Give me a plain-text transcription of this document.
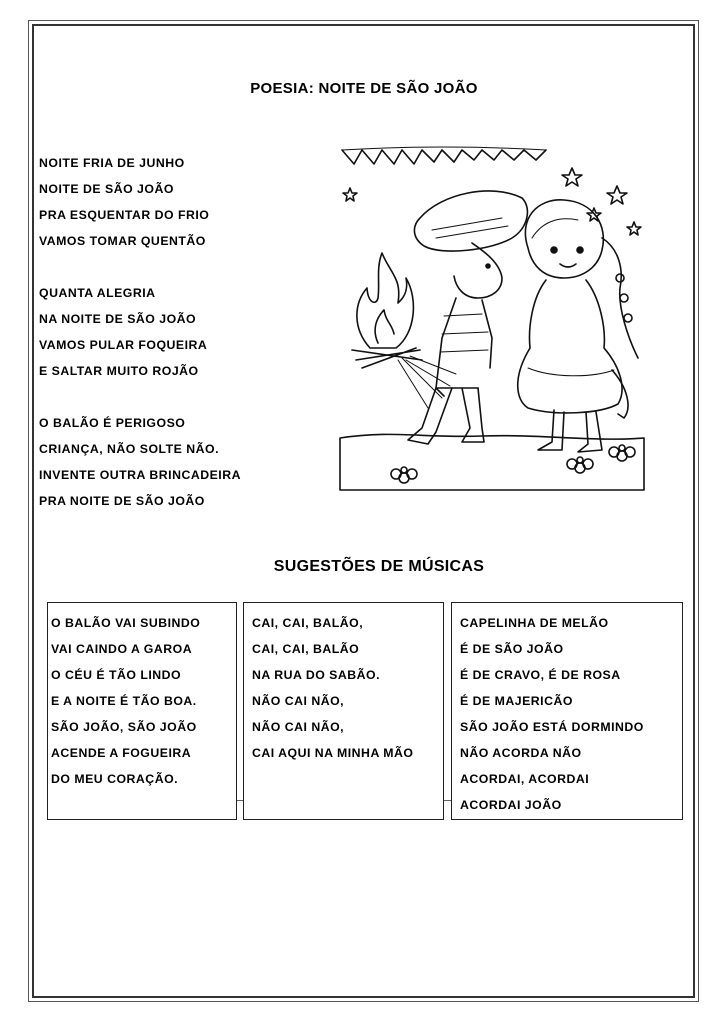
POESIA: NOITE DE SÃO JOÃO
NOITE FRIA DE JUNHO
NOITE DE SÃO JOÃO
PRA ESQUENTAR DO FRIO
VAMOS TOMAR QUENTÃO
QUANTA ALEGRIA
NA NOITE DE SÃO JOÃO
VAMOS PULAR FOQUEIRA
E SALTAR MUITO ROJÃO
O BALÃO É PERIGOSO
CRIANÇA, NÃO SOLTE NÃO.
INVENTE OUTRA BRINCADEIRA
PRA NOITE DE SÃO JOÃO
SUGESTÕES DE MÚSICAS
O BALÃO VAI SUBINDO
VAI CAINDO A GAROA
O CÉU É TÃO LINDO
E A NOITE É TÃO BOA.
SÃO JOÃO, SÃO JOÃO
ACENDE A FOGUEIRA
DO MEU CORAÇÃO.
CAI, CAI, BALÃO,
CAI, CAI, BALÃO
NA RUA DO SABÃO.
NÃO CAI NÃO,
NÃO CAI NÃO,
CAI AQUI NA MINHA MÃO
CAPELINHA DE MELÃO
É DE SÃO JOÃO
É DE CRAVO, É DE ROSA
É DE MAJERICÃO
SÃO JOÃO ESTÁ DORMINDO
NÃO ACORDA NÃO
ACORDAI, ACORDAI
ACORDAI JOÃO
